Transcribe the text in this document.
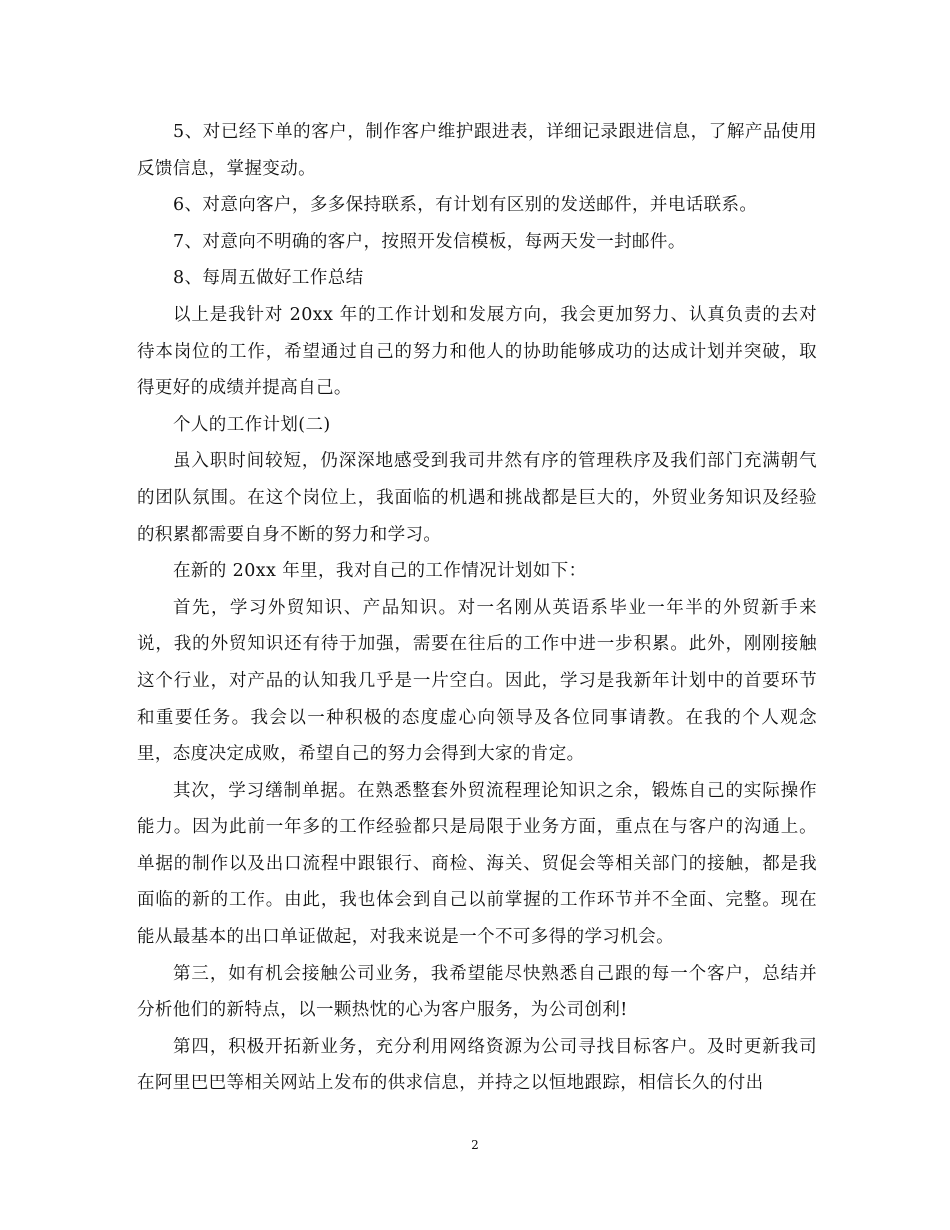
5、对已经下单的客户，制作客户维护跟进表，详细记录跟进信息，了解产品使用反馈信息，掌握变动。

6、对意向客户，多多保持联系，有计划有区别的发送邮件，并电话联系。

7、对意向不明确的客户，按照开发信模板，每两天发一封邮件。

8、每周五做好工作总结

以上是我针对 20xx 年的工作计划和发展方向，我会更加努力、认真负责的去对待本岗位的工作，希望通过自己的努力和他人的协助能够成功的达成计划并突破，取得更好的成绩并提高自己。

个人的工作计划(二)

虽入职时间较短，仍深深地感受到我司井然有序的管理秩序及我们部门充满朝气的团队氛围。在这个岗位上，我面临的机遇和挑战都是巨大的，外贸业务知识及经验的积累都需要自身不断的努力和学习。

在新的 20xx 年里，我对自己的工作情况计划如下：

首先，学习外贸知识、产品知识。对一名刚从英语系毕业一年半的外贸新手来说，我的外贸知识还有待于加强，需要在往后的工作中进一步积累。此外，刚刚接触这个行业，对产品的认知我几乎是一片空白。因此，学习是我新年计划中的首要环节和重要任务。我会以一种积极的态度虚心向领导及各位同事请教。在我的个人观念里，态度决定成败，希望自己的努力会得到大家的肯定。

其次，学习缮制单据。在熟悉整套外贸流程理论知识之余，锻炼自己的实际操作能力。因为此前一年多的工作经验都只是局限于业务方面，重点在与客户的沟通上。单据的制作以及出口流程中跟银行、商检、海关、贸促会等相关部门的接触，都是我面临的新的工作。由此，我也体会到自己以前掌握的工作环节并不全面、完整。现在能从最基本的出口单证做起，对我来说是一个不可多得的学习机会。

第三，如有机会接触公司业务，我希望能尽快熟悉自己跟的每一个客户，总结并分析他们的新特点，以一颗热忱的心为客户服务，为公司创利!

第四，积极开拓新业务，充分利用网络资源为公司寻找目标客户。及时更新我司在阿里巴巴等相关网站上发布的供求信息，并持之以恒地跟踪，相信长久的付出

2
